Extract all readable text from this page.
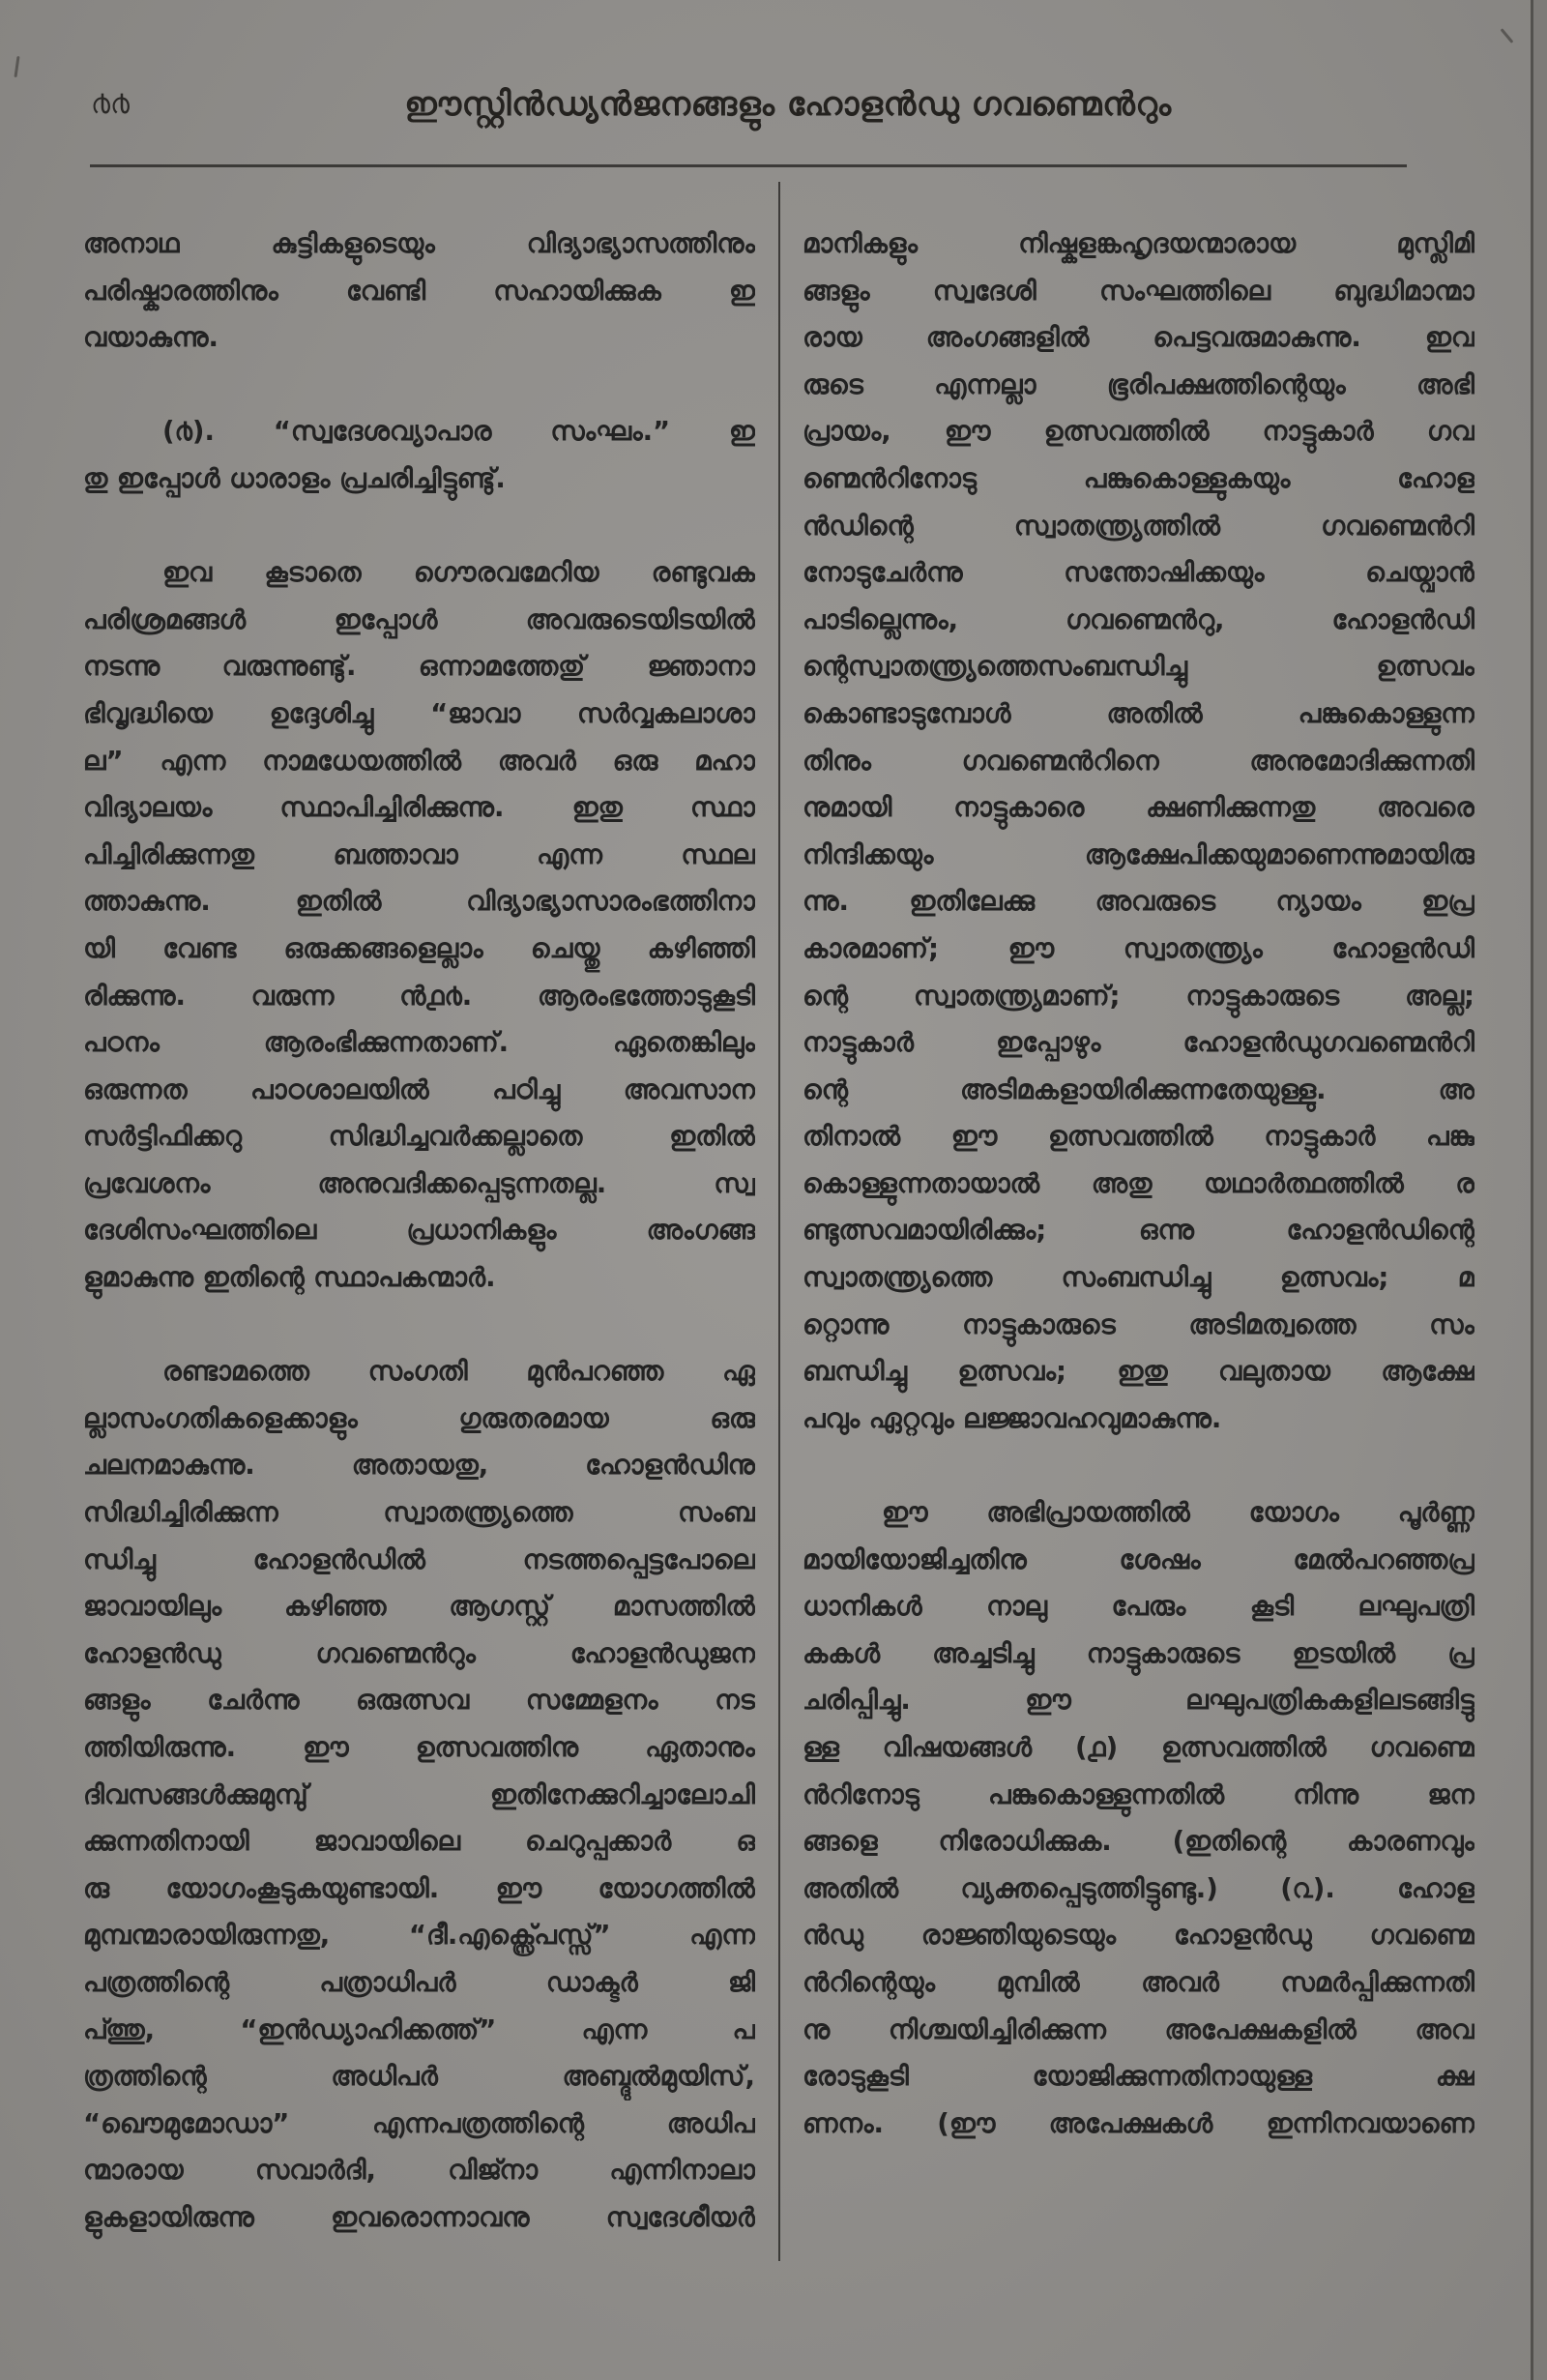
൪൪	ഈസ്റ്റിൻഡ്യൻജനങ്ങളും ഹോളൻഡു ഗവണ്മെൻറും
അനാഥ കുട്ടികളുടെയും വിദ്യാഭ്യാസത്തിനും
പരിഷ്കാരത്തിനും വേണ്ടി സഹായിക്കുക ഇ
വയാകുന്നു.
(൪). “സ്വദേശവ്യാപാര സംഘം.” ഇ
തു ഇപ്പോൾ ധാരാളം പ്രചരിച്ചിട്ടുണ്ടു്.
ഇവ കൂടാതെ ഗൌരവമേറിയ രണ്ടുവക
പരിശ്രമങ്ങൾ ഇപ്പോൾ അവരുടെയിടയിൽ
നടന്നു വരുന്നുണ്ടു്. ഒന്നാമത്തേതു് ജ്ഞാനാ
ഭിവൃദ്ധിയെ ഉദ്ദേശിച്ചു “ജാവാ സർവ്വകലാശാ
ല” എന്ന നാമധേയത്തിൽ അവർ ഒരു മഹാ
വിദ്യാലയം സ്ഥാപിച്ചിരിക്കുന്നു. ഇതു സ്ഥാ
പിച്ചിരിക്കുന്നതു ബത്താവാ എന്ന സ്ഥല
ത്താകുന്നു. ഇതിൽ വിദ്യാഭ്യാസാരംഭത്തിനാ
യി വേണ്ട ഒരുക്കങ്ങളെല്ലാം ചെയ്തു കഴിഞ്ഞി
രിക്കുന്നു. വരുന്ന ൻ൧൪. ആരംഭത്തോടുകൂടി
പഠനം ആരംഭിക്കുന്നതാണ്. ഏതെങ്കിലും
ഒരുന്നത പാഠശാലയിൽ പഠിച്ചു അവസാന
സർട്ടിഫിക്കറു സിദ്ധിച്ചവർക്കല്ലാതെ ഇതിൽ
പ്രവേശനം അനുവദിക്കപ്പെടുന്നതല്ല. സ്വ
ദേശിസംഘത്തിലെ പ്രധാനികളും അംഗങ്ങ
ളുമാകുന്നു ഇതിന്റെ സ്ഥാപകന്മാർ.
രണ്ടാമത്തെ സംഗതി മുൻപറഞ്ഞ ഏ
ല്ലാസംഗതികളെക്കാളും ഗുരുതരമായ ഒരു
ചലനമാകുന്നു. അതായതു, ഹോളൻഡിനു
സിദ്ധിച്ചിരിക്കുന്ന സ്വാതന്ത്ര്യത്തെ സംബ
ന്ധിച്ചു ഹോളൻഡിൽ നടത്തപ്പെട്ടപോലെ
ജാവായിലും കഴിഞ്ഞ ആഗസ്റ്റ് മാസത്തിൽ
ഹോളൻഡു ഗവണ്മെൻറും ഹോളൻഡുജന
ങ്ങളും ചേർന്നു ഒരുത്സവ സമ്മേളനം നട
ത്തിയിരുന്നു. ഈ ഉത്സവത്തിനു ഏതാനും
ദിവസങ്ങൾക്കുമുമ്പു് ഇതിനേക്കുറിച്ചാലോചി
ക്കുന്നതിനായി ജാവായിലെ ചെറുപ്പക്കാർ ഒ
രു യോഗംകൂടുകയുണ്ടായി. ഈ യോഗത്തിൽ
മുമ്പന്മാരായിരുന്നതു, “ദീ.എക്സ്പ്രെസ്സ്” എന്ന
പത്രത്തിന്റെ പത്രാധിപർ ഡാക്ടർ ജി
പ്ത്തു, “ഇൻഡ്യാഹിക്കത്ത്” എന്ന പ
ത്രത്തിന്റെ അധിപർ അബ്ദുൽമുയിസ്,
“ഖൌമുമോഡാ” എന്നപത്രത്തിന്റെ അധിപ
ന്മാരായ സവാർദി, വിജ്നാ എന്നിനാലാ
ളുകളായിരുന്നു ഇവരൊന്നാവനു സ്വദേശീയർ
മാനികളും നിഷ്കളങ്കഹൃദയന്മാരായ മുസ്ലിമി
ങ്ങളും സ്വദേശി സംഘത്തിലെ ബുദ്ധിമാന്മാ
രായ അംഗങ്ങളിൽ പെട്ടവരുമാകുന്നു. ഇവ
രുടെ എന്നല്ലാ ഭൂരിപക്ഷത്തിന്റെയും അഭി
പ്രായം, ഈ ഉത്സവത്തിൽ നാട്ടുകാർ ഗവ
ണ്മെൻറിനോടു പങ്കുകൊള്ളുകയും ഹോള
ൻഡിന്റെ സ്വാതന്ത്ര്യത്തിൽ ഗവണ്മെൻറി
നോടുചേർന്നു സന്തോഷിക്കയും ചെയ്വാൻ
പാടില്ലെന്നും, ഗവണ്മെൻറു, ഹോളൻഡി
ന്റെസ്വാതന്ത്ര്യത്തെസംബന്ധിച്ചു ഉത്സവം
കൊണ്ടാടുമ്പോൾ അതിൽ പങ്കുകൊള്ളുന്ന
തിനും ഗവണ്മെൻറിനെ അനുമോദിക്കുന്നതി
നുമായി നാട്ടുകാരെ ക്ഷണിക്കുന്നതു അവരെ
നിന്ദിക്കയും ആക്ഷേപിക്കയുമാണെന്നുമായിരു
ന്നു. ഇതിലേക്കു അവരുടെ ന്യായം ഇപ്ര
കാരമാണ്; ഈ സ്വാതന്ത്ര്യം ഹോളൻഡി
ന്റെ സ്വാതന്ത്ര്യമാണ്; നാട്ടുകാരുടെ അല്ല;
നാട്ടുകാർ ഇപ്പോഴും ഹോളൻഡുഗവണ്മെൻറി
ന്റെ അടിമകളായിരിക്കുന്നതേയുള്ളു. അ
തിനാൽ ഈ ഉത്സവത്തിൽ നാട്ടുകാർ പങ്കു
കൊള്ളുന്നതായാൽ അതു യഥാർത്ഥത്തിൽ ര
ണ്ടുത്സവമായിരിക്കും; ഒന്നു ഹോളൻഡിന്റെ
സ്വാതന്ത്ര്യത്തെ സംബന്ധിച്ചു ഉത്സവം; മ
റ്റൊന്നു നാട്ടുകാരുടെ അടിമത്വത്തെ സം
ബന്ധിച്ചു ഉത്സവം; ഇതു വലുതായ ആക്ഷേ
പവും ഏറ്റവും ലജ്ജാവഹവുമാകുന്നു.
ഈ അഭിപ്രായത്തിൽ യോഗം പൂർണ്ണ
മായിയോജിച്ചതിനു ശേഷം മേൽപറഞ്ഞപ്ര
ധാനികൾ നാലു പേരും കൂടി ലഘുപത്രി
കകൾ അച്ചടിച്ചു നാട്ടുകാരുടെ ഇടയിൽ പ്ര
ചരിപ്പിച്ചു. ഈ ലഘുപത്രികകളിലടങ്ങിട്ടു
ള്ള വിഷയങ്ങൾ (൧) ഉത്സവത്തിൽ ഗവണ്മെ
ൻറിനോടു പങ്കുകൊള്ളുന്നതിൽ നിന്നു ജന
ങ്ങളെ നിരോധിക്കുക. (ഇതിന്റെ കാരണവും
അതിൽ വ്യക്തപ്പെടുത്തിട്ടുണ്ടു.) (൨). ഹോള
ൻഡു രാജ്ഞിയുടെയും ഹോളൻഡു ഗവണ്മെ
ൻറിന്റെയും മുമ്പിൽ അവർ സമർപ്പിക്കുന്നതി
നു നിശ്ചയിച്ചിരിക്കുന്ന അപേക്ഷകളിൽ അവ
രോടുകൂടി യോജിക്കുന്നതിനായുള്ള ക്ഷ
ണനം. (ഈ അപേക്ഷകൾ ഇന്നിനവയാണെ
